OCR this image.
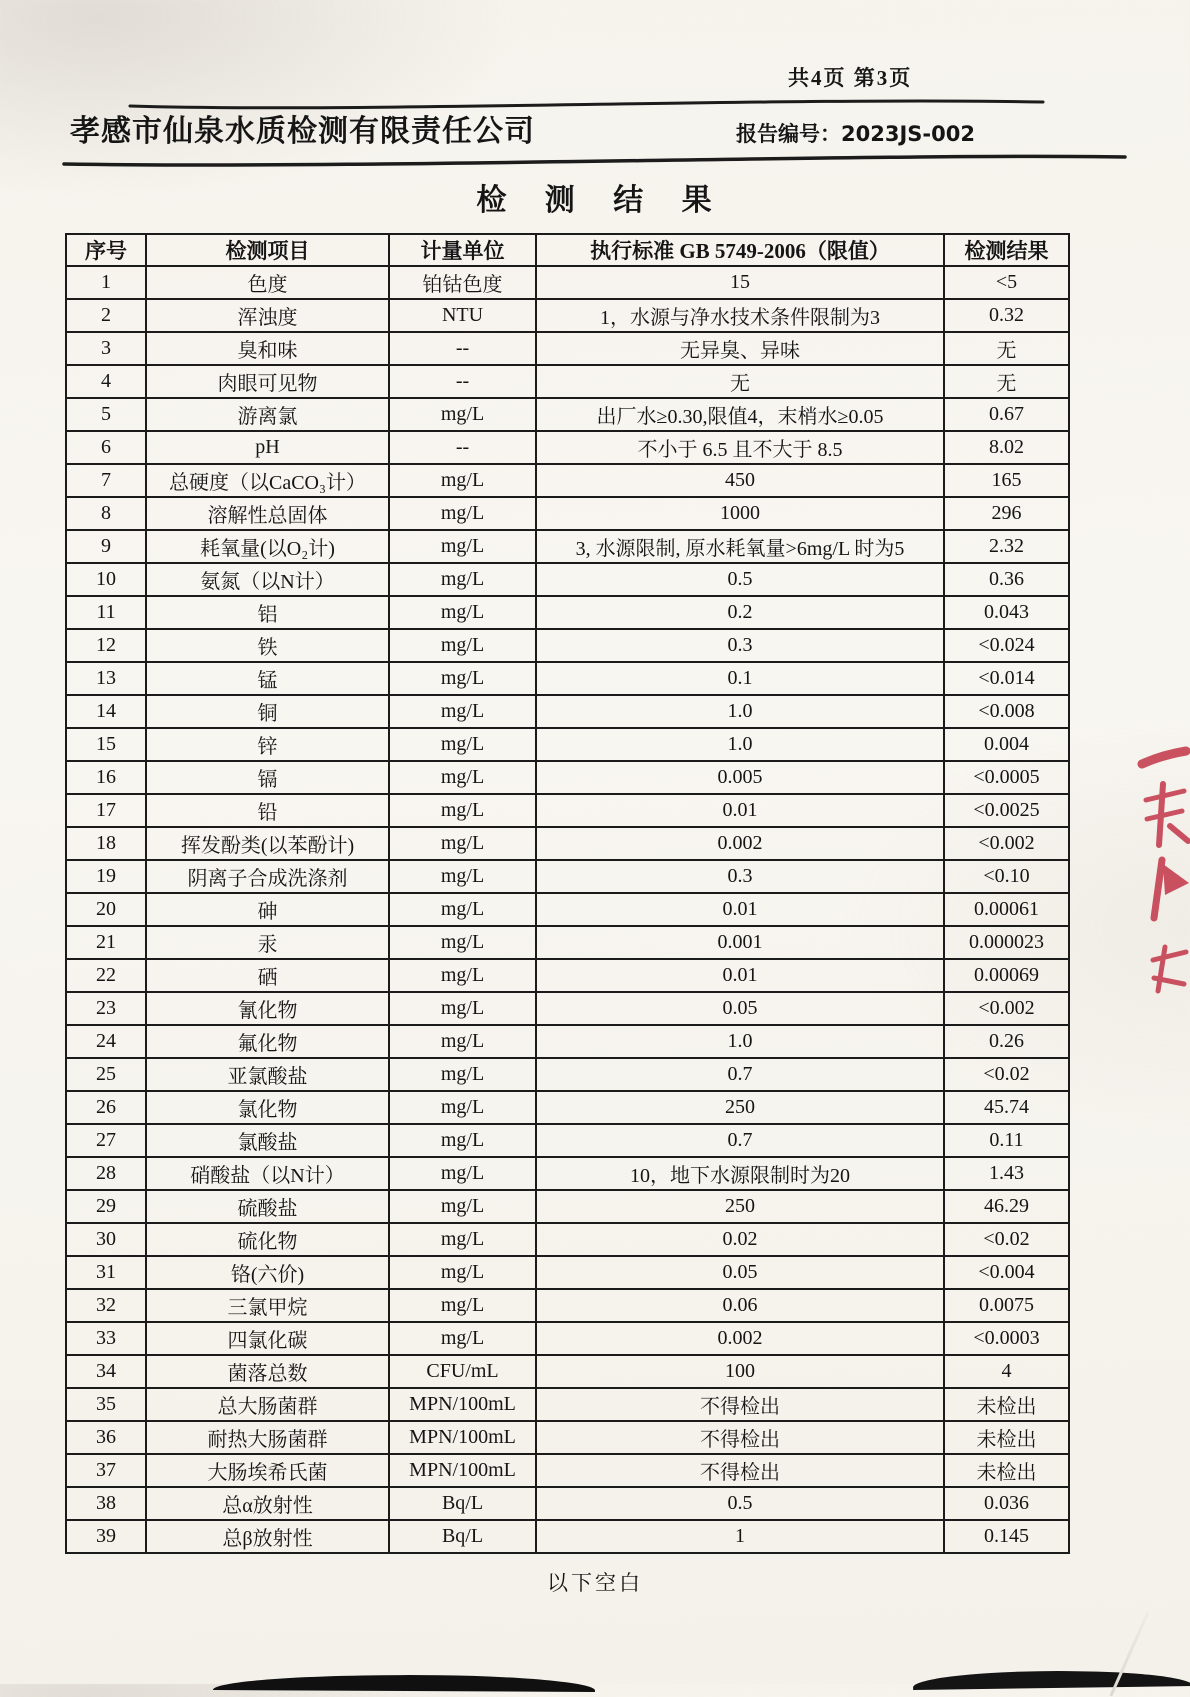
共4页 第3页
孝感市仙泉水质检测有限责任公司	报告编号：2023JS-002
检 测 结 果
序号	检测项目	计量单位	执行标准 GB 5749-2006（限值）	检测结果
1	色度	铂钴色度	15	<5
2	浑浊度	NTU	1，水源与净水技术条件限制为3	0.32
3	臭和味	--	无异臭、异味	无
4	肉眼可见物	--	无	无
5	游离氯	mg/L	出厂水≥0.30,限值4，末梢水≥0.05	0.67
6	pH	--	不小于 6.5 且不大于 8.5	8.02
7	总硬度（以CaCO₃计）	mg/L	450	165
8	溶解性总固体	mg/L	1000	296
9	耗氧量(以O₂计)	mg/L	3, 水源限制, 原水耗氧量>6mg/L 时为5	2.32
10	氨氮（以N计）	mg/L	0.5	0.36
11	铝	mg/L	0.2	0.043
12	铁	mg/L	0.3	<0.024
13	锰	mg/L	0.1	<0.014
14	铜	mg/L	1.0	<0.008
15	锌	mg/L	1.0	0.004
16	镉	mg/L	0.005	<0.0005
17	铅	mg/L	0.01	<0.0025
18	挥发酚类(以苯酚计)	mg/L	0.002	<0.002
19	阴离子合成洗涤剂	mg/L	0.3	<0.10
20	砷	mg/L	0.01	0.00061
21	汞	mg/L	0.001	0.000023
22	硒	mg/L	0.01	0.00069
23	氰化物	mg/L	0.05	<0.002
24	氟化物	mg/L	1.0	0.26
25	亚氯酸盐	mg/L	0.7	<0.02
26	氯化物	mg/L	250	45.74
27	氯酸盐	mg/L	0.7	0.11
28	硝酸盐（以N计）	mg/L	10，地下水源限制时为20	1.43
29	硫酸盐	mg/L	250	46.29
30	硫化物	mg/L	0.02	<0.02
31	铬(六价)	mg/L	0.05	<0.004
32	三氯甲烷	mg/L	0.06	0.0075
33	四氯化碳	mg/L	0.002	<0.0003
34	菌落总数	CFU/mL	100	4
35	总大肠菌群	MPN/100mL	不得检出	未检出
36	耐热大肠菌群	MPN/100mL	不得检出	未检出
37	大肠埃希氏菌	MPN/100mL	不得检出	未检出
38	总α放射性	Bq/L	0.5	0.036
39	总β放射性	Bq/L	1	0.145
以下空白
